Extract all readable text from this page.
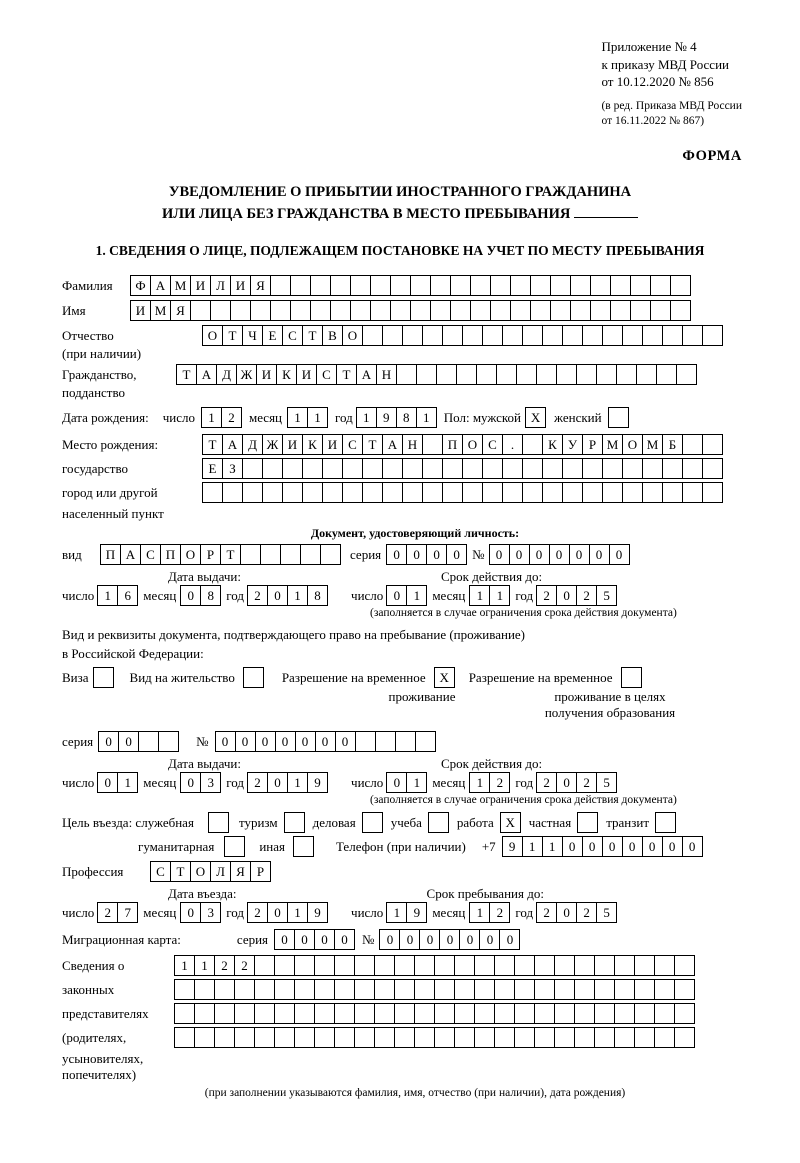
Приложение № 4
к приказу МВД России
от 10.12.2020 № 856
(в ред. Приказа МВД России
от 16.11.2022 № 867)
ФОРМА
УВЕДОМЛЕНИЕ О ПРИБЫТИИ ИНОСТРАННОГО ГРАЖДАНИНА
ИЛИ ЛИЦА БЕЗ ГРАЖДАНСТВА В МЕСТО ПРЕБЫВАНИЯ
1. СВЕДЕНИЯ О ЛИЦЕ, ПОДЛЕЖАЩЕМ ПОСТАНОВКЕ НА УЧЕТ ПО МЕСТУ ПРЕБЫВАНИЯ
Фамилия	Ф А М И Л И Я
Имя	И М Я
Отчество	О Т Ч Е С Т В О
(при наличии)
Гражданство,	Т А Д Ж И К И С Т А Н
подданство
Дата рождения: число	1	2	месяц 1	1	год 1	9	8	1	Пол: мужской X	женский
Место рождения:	Т А Д Ж И К И С Т А Н	П О С	.	К У Р М О М Б
государство	Е З
город или другой
населенный пункт
Документ, удостоверяющий личность:
вид	П А С П О Р Т	серия 0	0	0	0 № 0	0	0	0	0	0	0
Дата выдачи:	Срок действия до:
число 1	6 месяц 0	8 год 2	0	1	8	число 0	1 месяц 1	1 год 2	0	2	5
(заполняется в случае ограничения срока действия документа)
Вид и реквизиты документа, подтверждающего право на пребывание (проживание)
в Российской Федерации:
Виза	Вид на жительство	Разрешение на временное	X	Разрешение на временное
проживание	проживание в целях
получения образования
серия 0	0	№	0	0	0	0	0	0	0
Дата выдачи:	Срок действия до:
число 0	1 месяц 0	3 год 2	0	1	9	число 0	1 месяц 1	2 год 2	0	2	5
(заполняется в случае ограничения срока действия документа)
Цель въезда: служебная	туризм	деловая	учеба	работа X	частная	транзит
гуманитарная	иная	Телефон (при наличии) +7	9	1	1	0	0	0	0	0	0	0
Профессия	С Т О Л Я Р
Дата въезда:	Срок пребывания до:
число 2	7 месяц 0	3 год 2	0	1	9	число 1	9 месяц 1	2 год 2	0	2	5
Миграционная карта:	серия	0	0	0	0	№ 0	0	0	0	0	0	0
Сведения о	1	1	2	2
законных
представителях
(родителях,
усыновителях,
попечителях)
(при заполнении указываются фамилия, имя, отчество (при наличии), дата рождения)
